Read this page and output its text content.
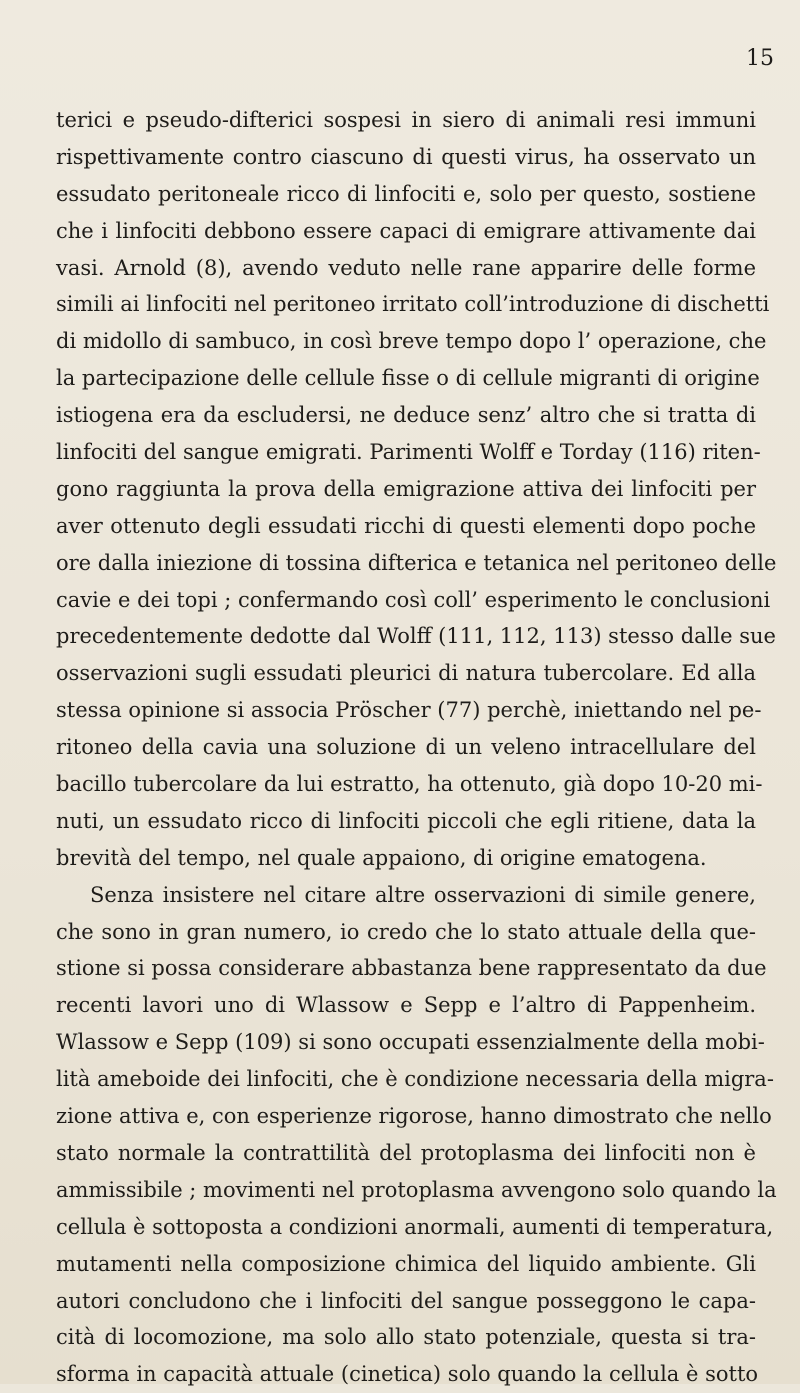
15
terici e pseudo-difterici sospesi in siero di animali resi immuni
rispettivamente contro ciascuno di questi virus, ha osservato un
essudato peritoneale ricco di linfociti e, solo per questo, sostiene
che i linfociti debbono essere capaci di emigrare attivamente dai
vasi. Arnold (8), avendo veduto nelle rane apparire delle forme
simili ai linfociti nel peritoneo irritato coll’introduzione di dischetti
di midollo di sambuco, in così breve tempo dopo l’ operazione, che
la partecipazione delle cellule fisse o di cellule migranti di origine
istiogena era da escludersi, ne deduce senz’ altro che si tratta di
linfociti del sangue emigrati. Parimenti Wolff e Torday (116) riten-
gono raggiunta la prova della emigrazione attiva dei linfociti per
aver ottenuto degli essudati ricchi di questi elementi dopo poche
ore dalla iniezione di tossina difterica e tetanica nel peritoneo delle
cavie e dei topi ; confermando così coll’ esperimento le conclusioni
precedentemente dedotte dal Wolff (111, 112, 113) stesso dalle sue
osservazioni sugli essudati pleurici di natura tubercolare. Ed alla
stessa opinione si associa Pröscher (77) perchè, iniettando nel pe-
ritoneo della cavia una soluzione di un veleno intracellulare del
bacillo tubercolare da lui estratto, ha ottenuto, già dopo 10-20 mi-
nuti, un essudato ricco di linfociti piccoli che egli ritiene, data la
brevità del tempo, nel quale appaiono, di origine ematogena.
Senza insistere nel citare altre osservazioni di simile genere,
che sono in gran numero, io credo che lo stato attuale della que-
stione si possa considerare abbastanza bene rappresentato da due
recenti lavori uno di Wlassow e Sepp e l’altro di Pappenheim.
Wlassow e Sepp (109) si sono occupati essenzialmente della mobi-
lità ameboide dei linfociti, che è condizione necessaria della migra-
zione attiva e, con esperienze rigorose, hanno dimostrato che nello
stato normale la contrattilità del protoplasma dei linfociti non è
ammissibile ; movimenti nel protoplasma avvengono solo quando la
cellula è sottoposta a condizioni anormali, aumenti di temperatura,
mutamenti nella composizione chimica del liquido ambiente. Gli
autori concludono che i linfociti del sangue posseggono le capa-
cità di locomozione, ma solo allo stato potenziale, questa si tra-
sforma in capacità attuale (cinetica) solo quando la cellula è sotto
